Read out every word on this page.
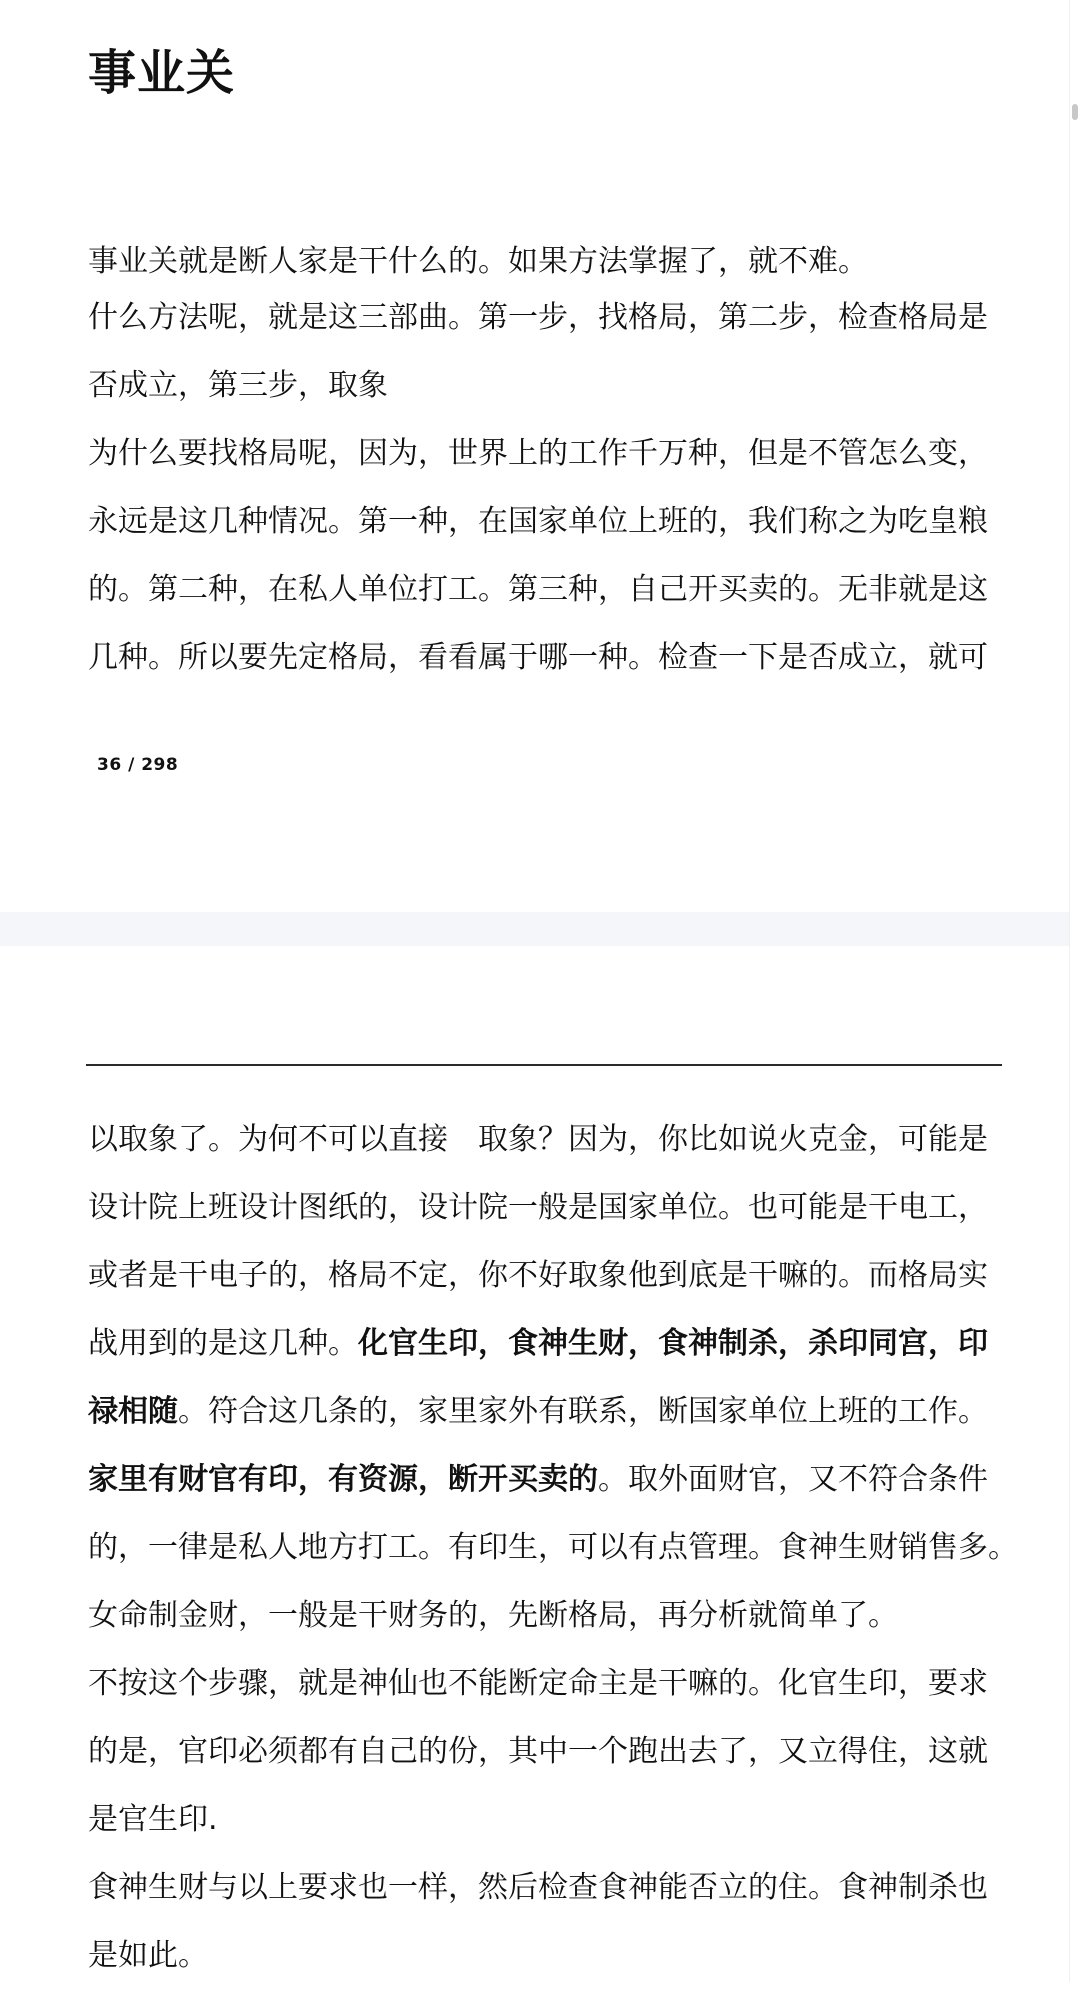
事业关
事业关就是断人家是干什么的。如果方法掌握了，就不难。
什么方法呢，就是这三部曲。第一步，找格局，第二步，检查格局是
否成立，第三步，取象
为什么要找格局呢，因为，世界上的工作千万种，但是不管怎么变，
永远是这几种情况。第一种，在国家单位上班的，我们称之为吃皇粮
的。第二种，在私人单位打工。第三种，自己开买卖的。无非就是这
几种。所以要先定格局，看看属于哪一种。检查一下是否成立，就可
36 / 298
以取象了。为何不可以直接　取象？因为，你比如说火克金，可能是
设计院上班设计图纸的，设计院一般是国家单位。也可能是干电工，
或者是干电子的，格局不定，你不好取象他到底是干嘛的。而格局实
战用到的是这几种。化官生印，食神生财，食神制杀，杀印同宫，印
禄相随。符合这几条的，家里家外有联系，断国家单位上班的工作。
家里有财官有印，有资源，断开买卖的。取外面财官，又不符合条件
的，一律是私人地方打工。有印生，可以有点管理。食神生财销售多。
女命制金财，一般是干财务的，先断格局，再分析就简单了。
不按这个步骤，就是神仙也不能断定命主是干嘛的。化官生印，要求
的是，官印必须都有自己的份，其中一个跑出去了，又立得住，这就
是官生印.
食神生财与以上要求也一样，然后检查食神能否立的住。食神制杀也
是如此。
